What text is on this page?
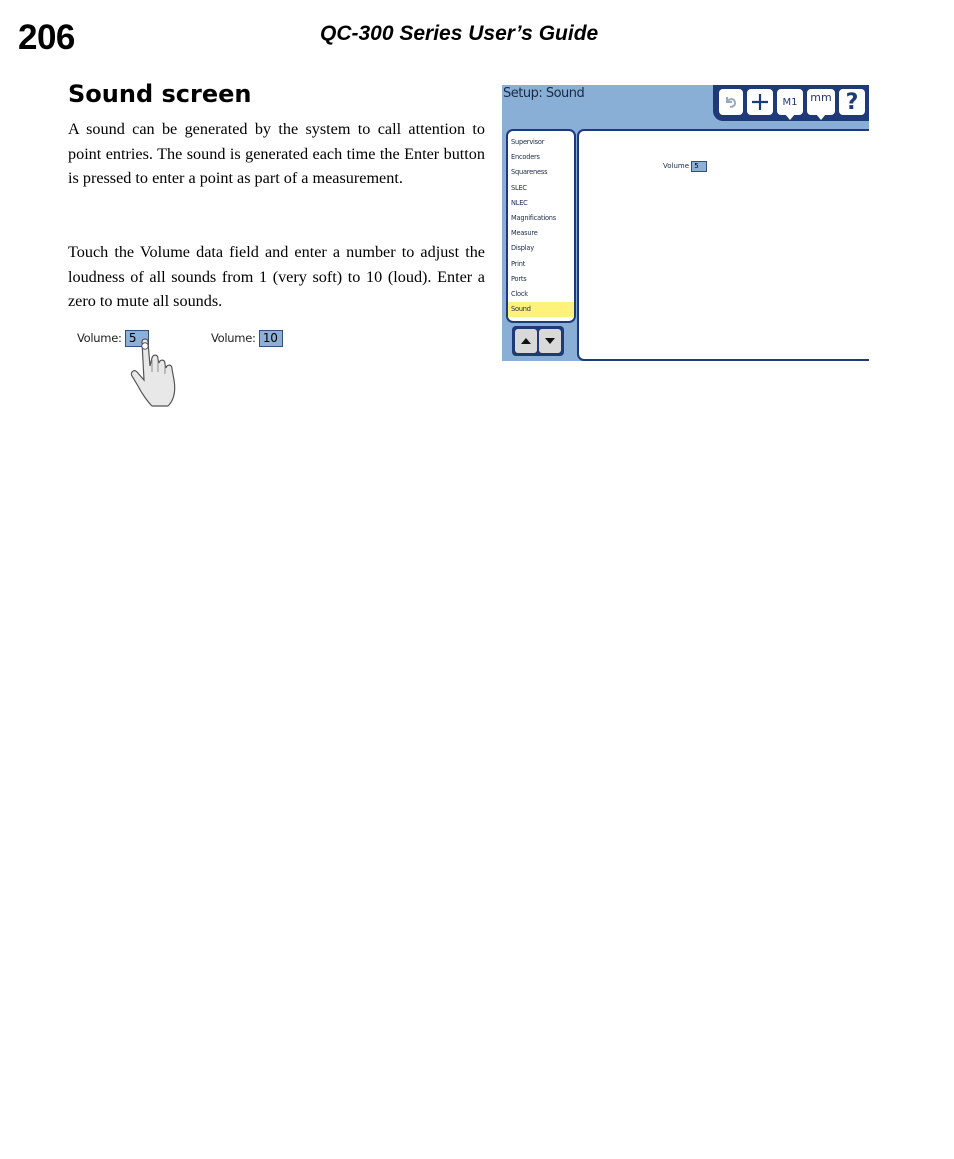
206	QC-300 Series User’s Guide
Sound screen

A sound can be generated by the system to call attention to point entries. The sound is generated each time the Enter button is pressed to enter a point as part of a measurement.

Touch the Volume data field and enter a number to adjust the loudness of all sounds from 1 (very soft) to 10 (loud). Enter a zero to mute all sounds.

Volume: 5	Volume: 10
Setup: Sound
M1 mm ?
Supervisor
Encoders
Squareness
SLEC
NLEC
Magnifications
Measure
Display
Print
Ports
Clock
Sound
Volume 5
